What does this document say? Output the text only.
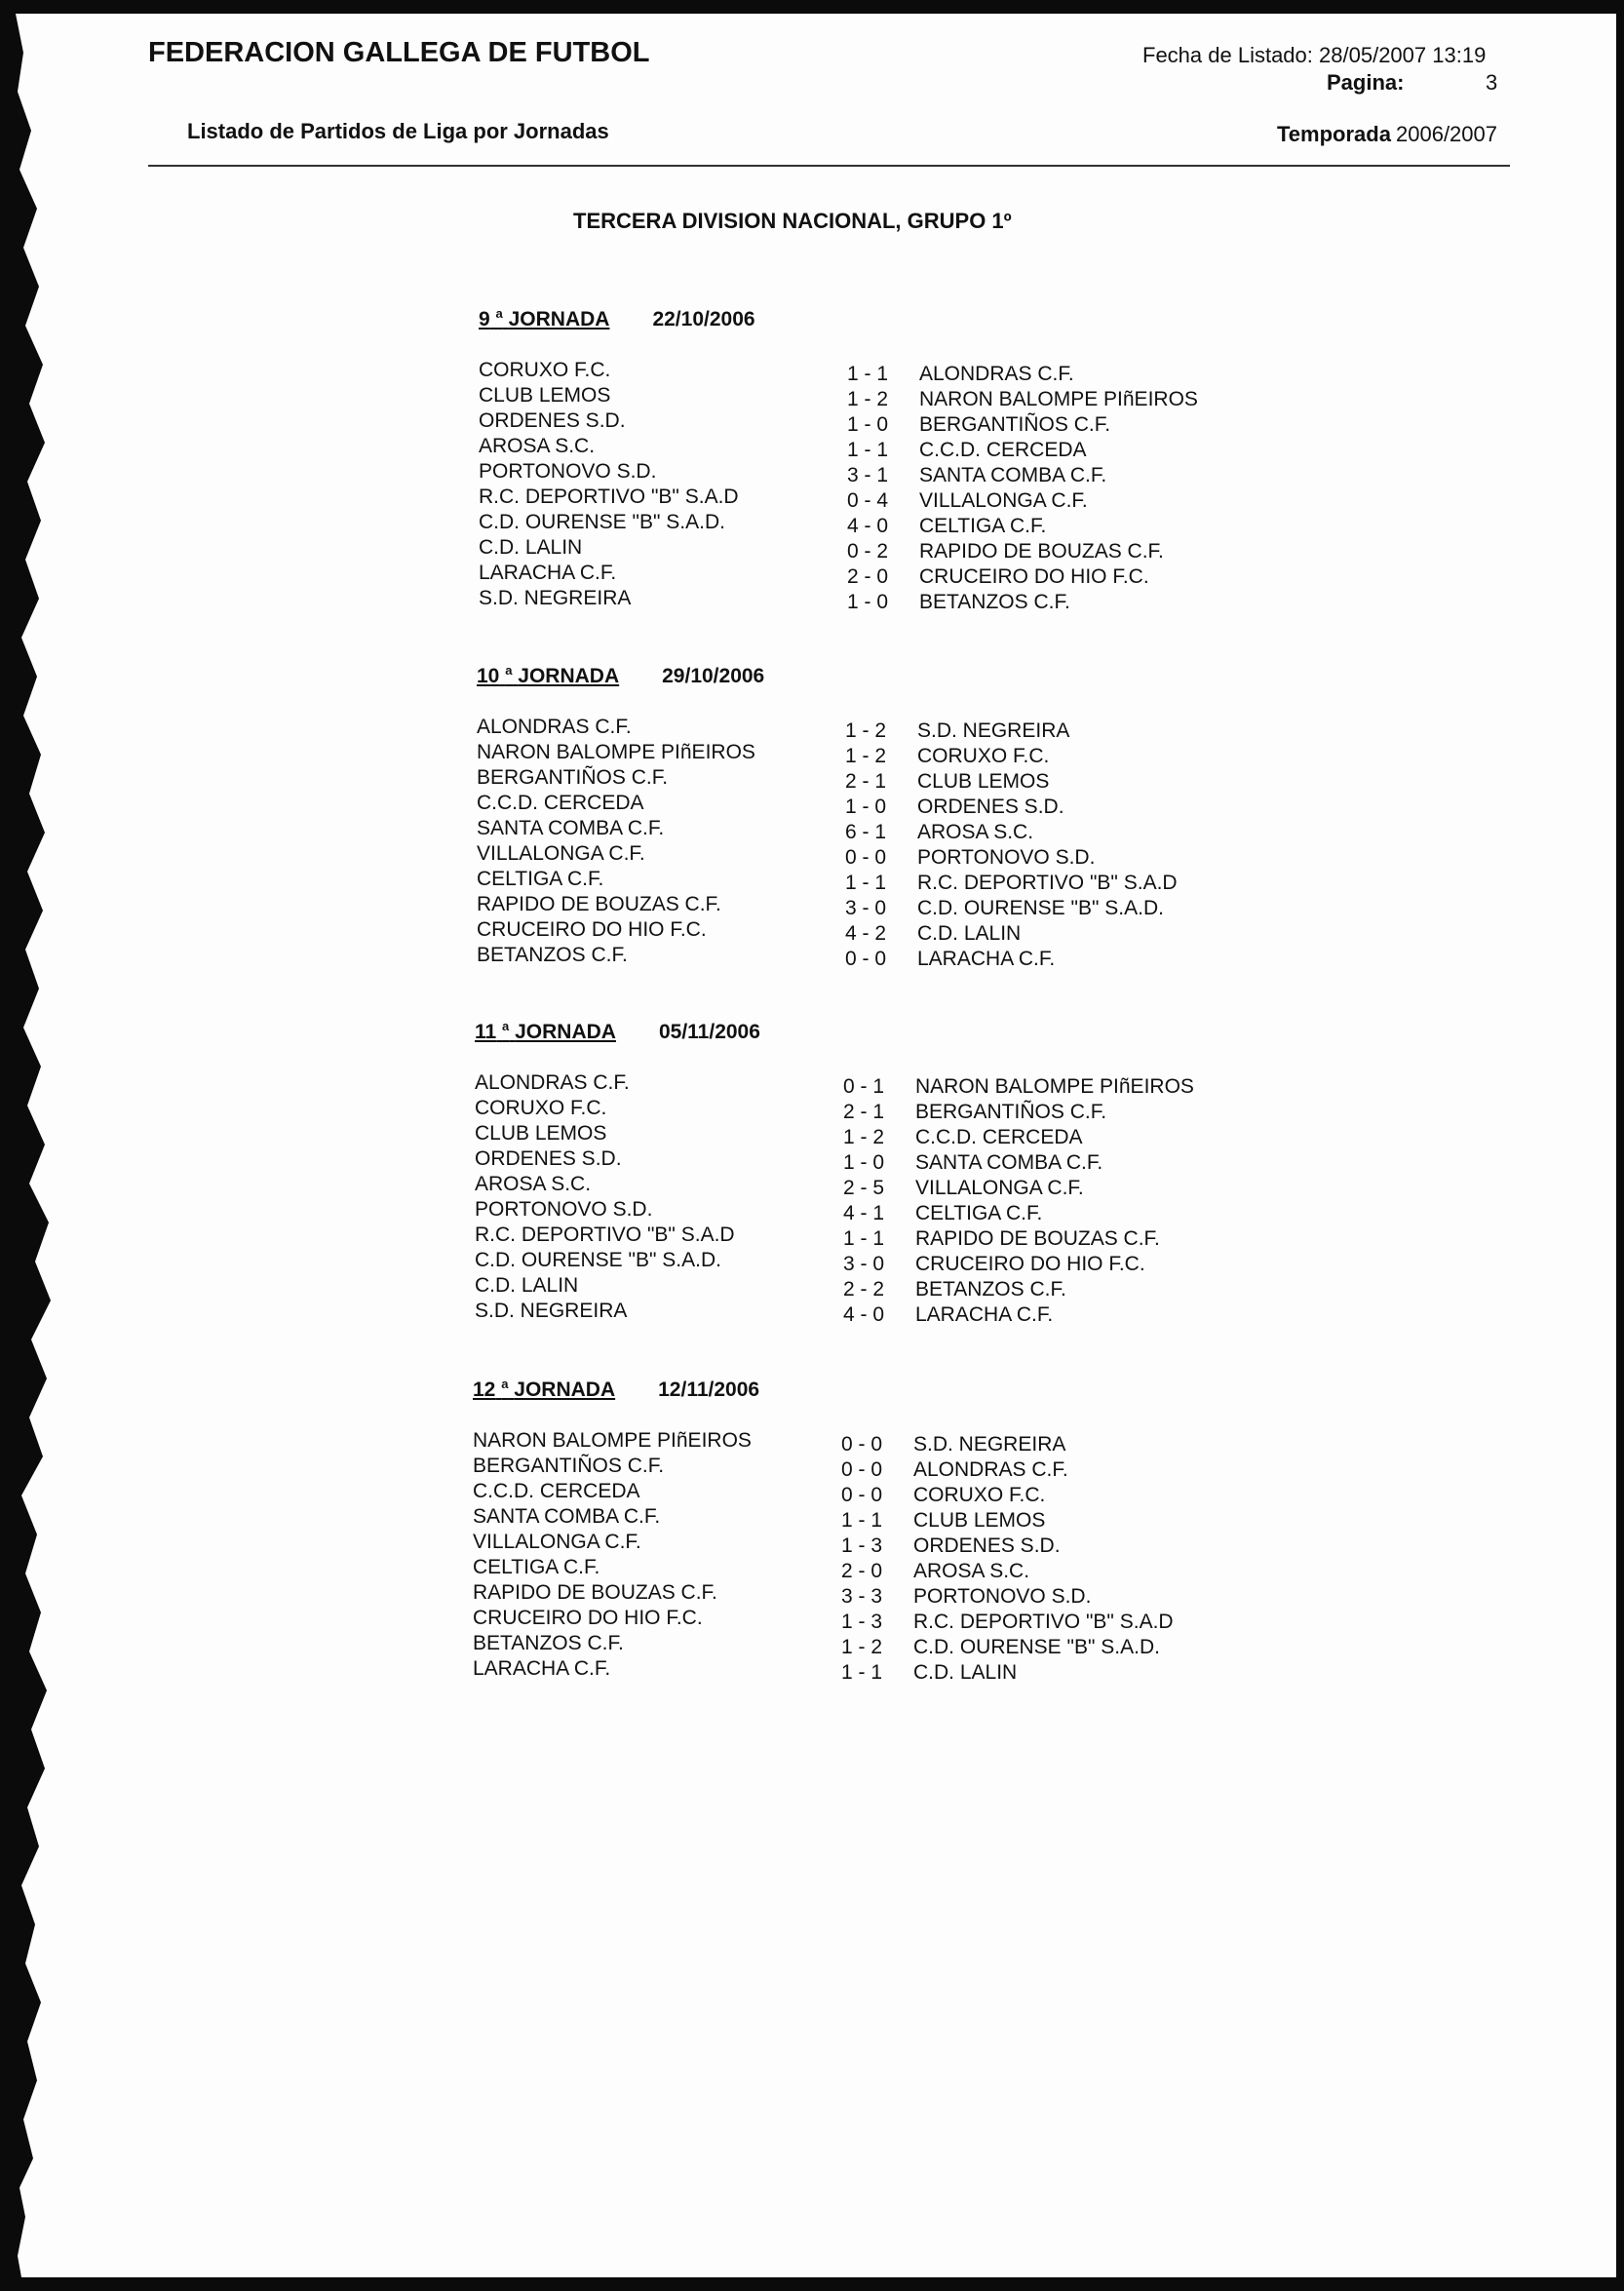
FEDERACION GALLEGA DE FUTBOL	Fecha de Listado: 28/05/2007 13:19
Pagina:	3
Listado de Partidos de Liga por Jornadas	Temporada 2006/2007
TERCERA DIVISION NACIONAL, GRUPO 1º
9 $^a$ JORNADA 22/10/2006
CORUXO F.C.	1 - 1 ALONDRAS C.F.
CLUB LEMOS	1 - 2 NARON BALOMPE PIñEIROS
ORDENES S.D.	1 - 0 BERGANTIÑOS C.F.
AROSA S.C.	1 - 1 C.C.D. CERCEDA
PORTONOVO S.D.	3 - 1 SANTA COMBA C.F.
R.C. DEPORTIVO "B" S.A.D	0 - 4 VILLALONGA C.F.
C.D. OURENSE "B" S.A.D.	4 - 0 CELTIGA C.F.
C.D. LALIN	0 - 2 RAPIDO DE BOUZAS C.F.
LARACHA C.F.	2 - 0 CRUCEIRO DO HIO F.C.
S.D. NEGREIRA	1 - 0 BETANZOS C.F.
10 $^a$ JORNADA 29/10/2006
ALONDRAS C.F.	1 - 2 S.D. NEGREIRA
NARON BALOMPE PIñEIROS	1 - 2 CORUXO F.C.
BERGANTIÑOS C.F.	2 - 1 CLUB LEMOS
C.C.D. CERCEDA	1 - 0 ORDENES S.D.
SANTA COMBA C.F.	6 - 1 AROSA S.C.
VILLALONGA C.F.	0 - 0 PORTONOVO S.D.
CELTIGA C.F.	1 - 1 R.C. DEPORTIVO "B" S.A.D
RAPIDO DE BOUZAS C.F.	3 - 0 C.D. OURENSE "B" S.A.D.
CRUCEIRO DO HIO F.C.	4 - 2 C.D. LALIN
BETANZOS C.F.	0 - 0 LARACHA C.F.
11 $^a$ JORNADA 05/11/2006
ALONDRAS C.F.	0 - 1 NARON BALOMPE PIñEIROS
CORUXO F.C.	2 - 1 BERGANTIÑOS C.F.
CLUB LEMOS	1 - 2 C.C.D. CERCEDA
ORDENES S.D.	1 - 0 SANTA COMBA C.F.
AROSA S.C.	2 - 5 VILLALONGA C.F.
PORTONOVO S.D.	4 - 1 CELTIGA C.F.
R.C. DEPORTIVO "B" S.A.D	1 - 1 RAPIDO DE BOUZAS C.F.
C.D. OURENSE "B" S.A.D.	3 - 0 CRUCEIRO DO HIO F.C.
C.D. LALIN	2 - 2 BETANZOS C.F.
S.D. NEGREIRA	4 - 0 LARACHA C.F.
12 $^a$ JORNADA 12/11/2006
NARON BALOMPE PIñEIROS	0 - 0 S.D. NEGREIRA
BERGANTIÑOS C.F.	0 - 0 ALONDRAS C.F.
C.C.D. CERCEDA	0 - 0 CORUXO F.C.
SANTA COMBA C.F.	1 - 1 CLUB LEMOS
VILLALONGA C.F.	1 - 3 ORDENES S.D.
CELTIGA C.F.	2 - 0 AROSA S.C.
RAPIDO DE BOUZAS C.F.	3 - 3 PORTONOVO S.D.
CRUCEIRO DO HIO F.C.	1 - 3 R.C. DEPORTIVO "B" S.A.D
BETANZOS C.F.	1 - 2 C.D. OURENSE "B" S.A.D.
LARACHA C.F.	1 - 1 C.D. LALIN
